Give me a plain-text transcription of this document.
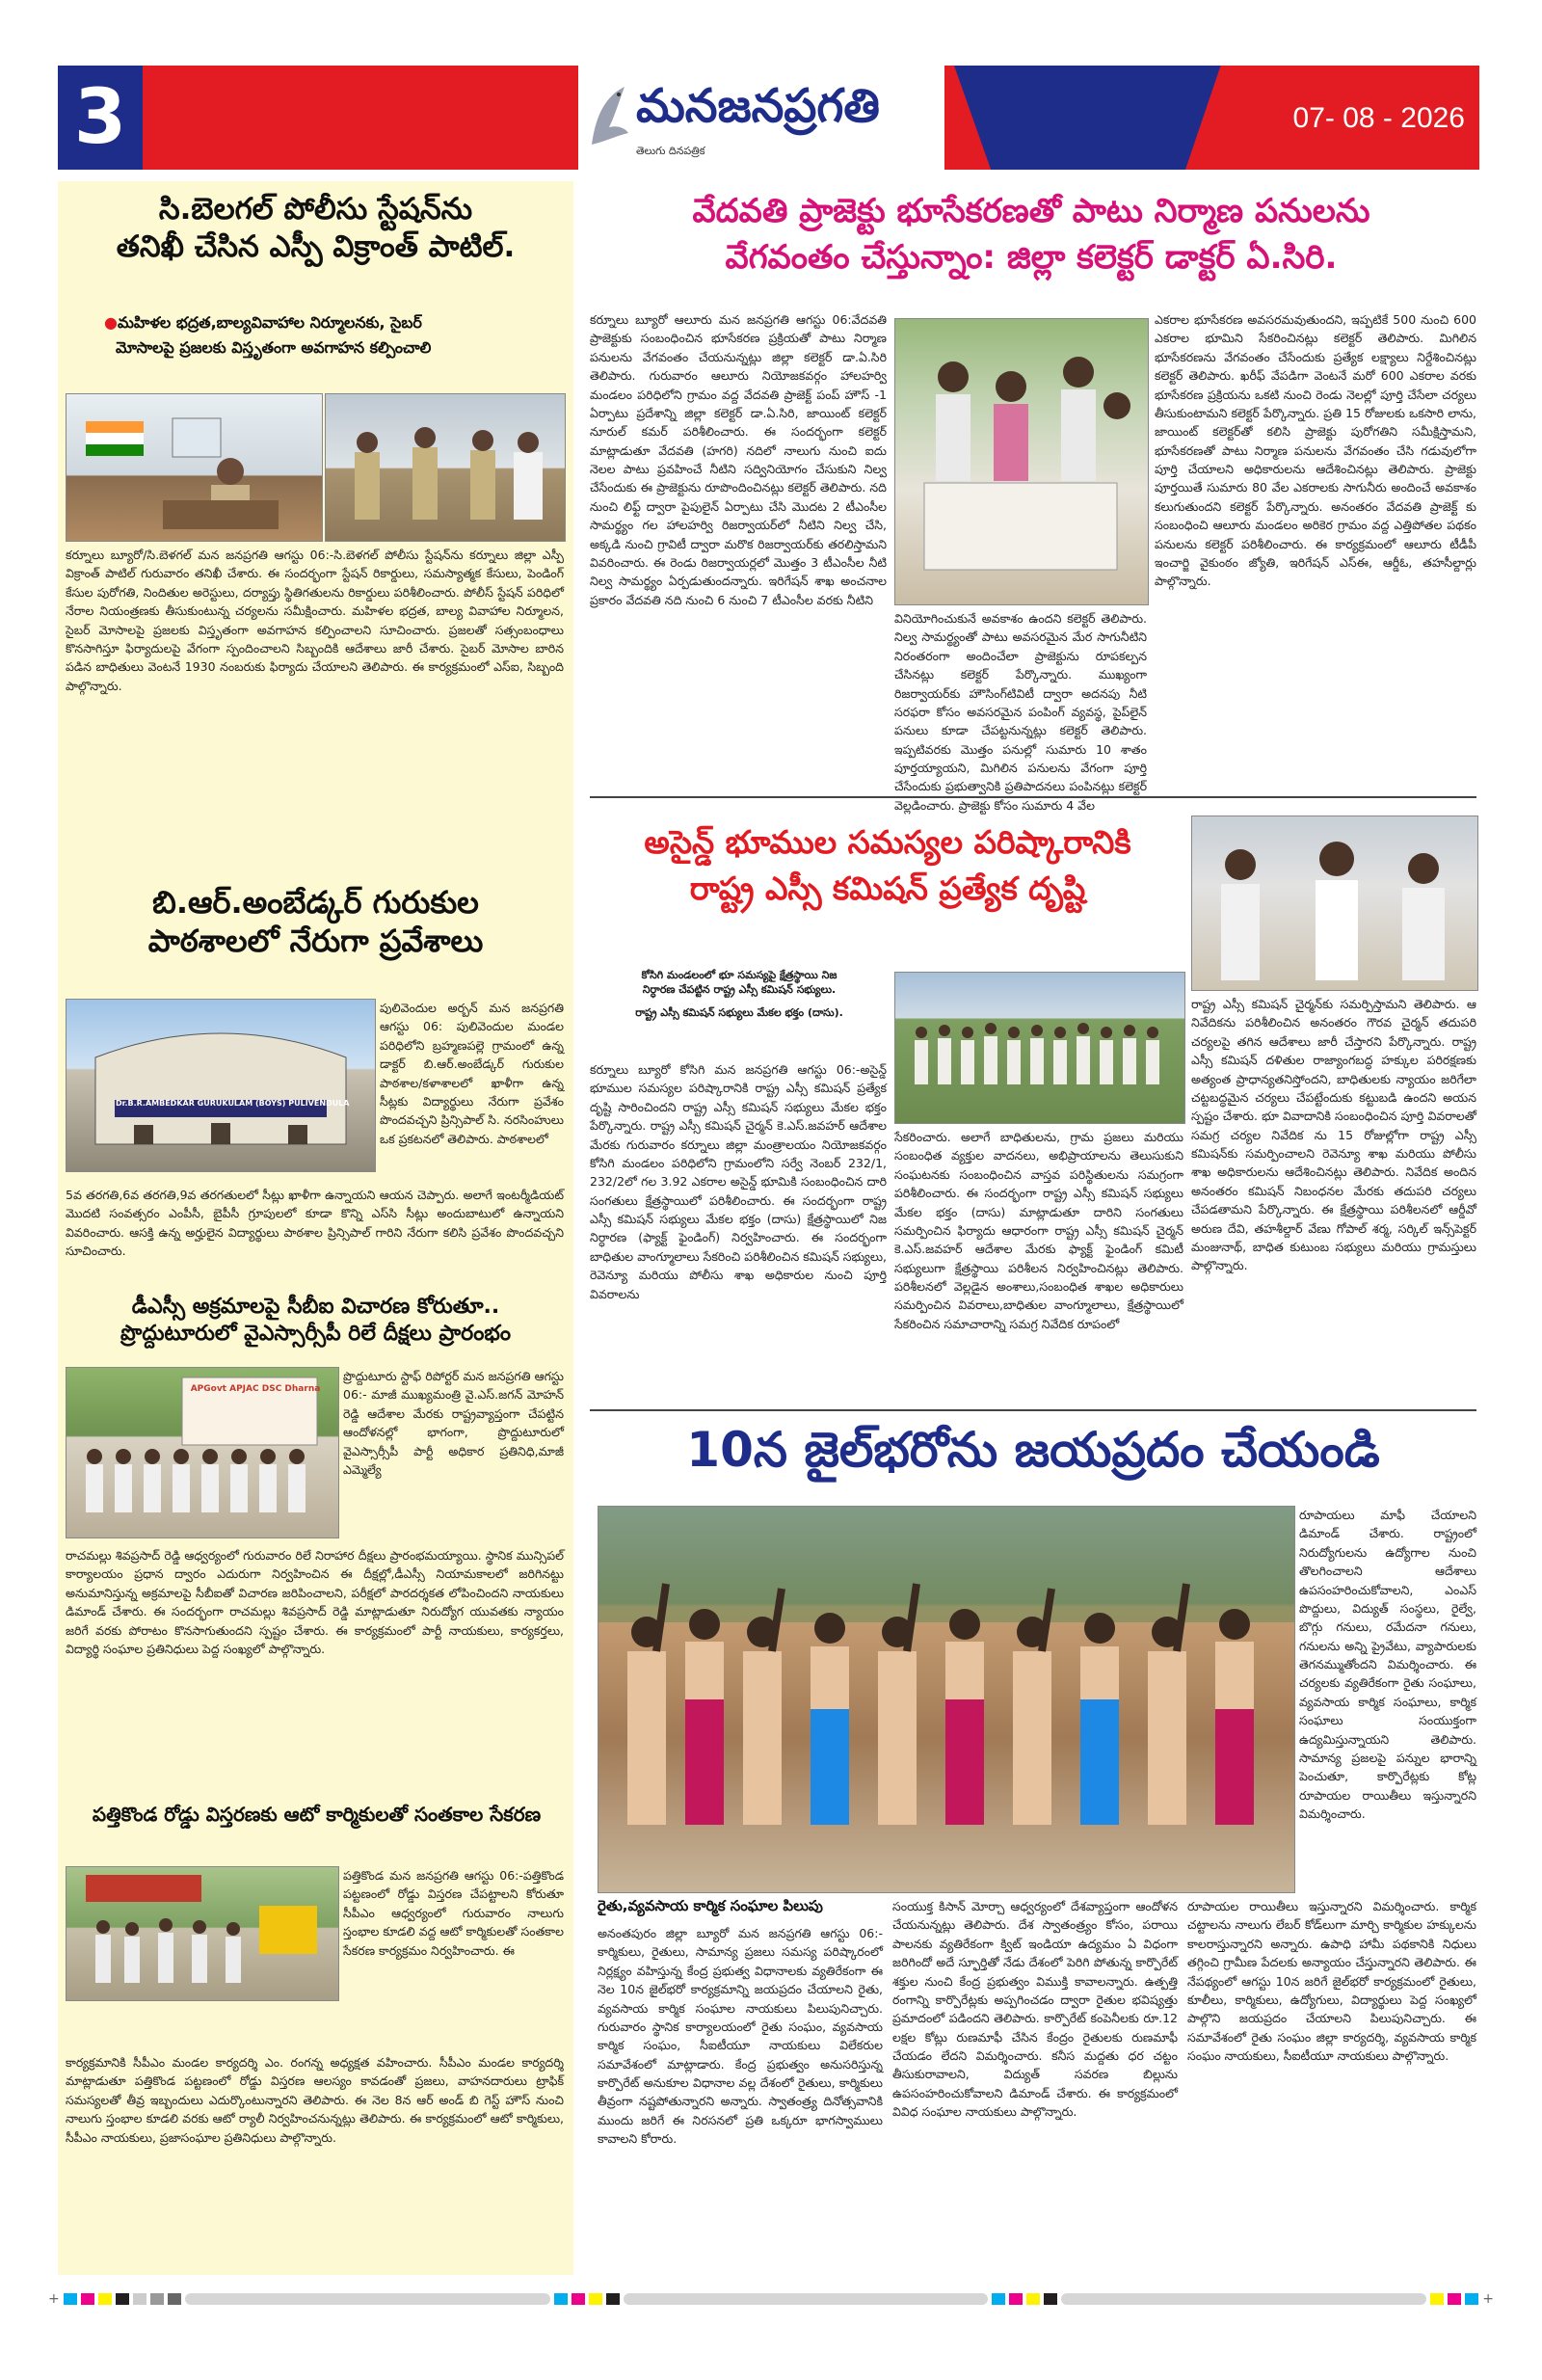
3	మనజనప్రగతి
తెలుగు దినపత్రిక
07- 08 - 2026
సి.బెలగల్ పోలీసు స్టేషన్‌ను
తనిఖీ చేసిన ఎస్పీ విక్రాంత్ పాటిల్.
●మహిళల భద్రత,బాల్యవివాహాల నిర్మూలనకు, సైబర్
మోసాలపై ప్రజలకు విస్తృతంగా అవగాహన కల్పించాలి
కర్నూలు బ్యూరో/సి.బెళగల్ మన జనప్రగతి ఆగస్టు 06:-సి.బెళగల్ పోలీసు స్టేషన్‌ను కర్నూలు జిల్లా ఎస్పీ విక్రాంత్ పాటిల్ గురువారం తనిఖీ చేశారు. ఈ సందర్భంగా స్టేషన్ రికార్డులు, సమస్యాత్మక కేసులు, పెండింగ్ కేసుల పురోగతి, నిందితుల అరెస్టులు, దర్యాప్తు స్థితిగతులను రికార్డులు పరిశీలించారు. పోలీస్ స్టేషన్ పరిధిలో నేరాల నియంత్రణకు తీసుకుంటున్న చర్యలను సమీక్షించారు. మహిళల భద్రత, బాల్య వివాహాల నిర్మూలన, సైబర్ మోసాలపై ప్రజలకు విస్తృతంగా అవగాహన కల్పించాలని సూచించారు. ప్రజలతో సత్సంబంధాలు కొనసాగిస్తూ ఫిర్యాదులపై వేగంగా స్పందించాలని సిబ్బందికి ఆదేశాలు జారీ చేశారు. సైబర్ మోసాల బారిన పడిన బాధితులు వెంటనే 1930 నంబరుకు ఫిర్యాదు చేయాలని తెలిపారు. ఈ కార్యక్రమంలో ఎస్ఐ, సిబ్బంది పాల్గొన్నారు.
బి.ఆర్.అంబేడ్కర్ గురుకుల
పాఠశాలలో నేరుగా ప్రవేశాలు
Dr.B.R.AMBEDKAR GURUKULAM (BOYS) PULIVENDULA
పులివెందుల అర్బన్ మన జనప్రగతి ఆగస్టు 06: పులివెందుల మండల పరిధిలోని బ్రహ్మణపల్లె గ్రామంలో ఉన్న డాక్టర్ బి.ఆర్.అంబేడ్కర్ గురుకుల పాఠశాల/కళాశాలలో ఖాళీగా ఉన్న సీట్లకు విద్యార్థులు నేరుగా ప్రవేశం పొందవచ్చని ప్రిన్సిపాల్ సి. నరసింహులు ఒక ప్రకటనలో తెలిపారు. పాఠశాలలో
5వ తరగతి,6వ తరగతి,9వ తరగతులలో సీట్లు ఖాళీగా ఉన్నాయని ఆయన చెప్పారు. అలాగే ఇంటర్మీడియట్ మొదటి సంవత్సరం ఎంపీసీ, బైపీసీ గ్రూపులలో కూడా కొన్ని ఎస్‌సి సీట్లు అందుబాటులో ఉన్నాయని వివరించారు. ఆసక్తి ఉన్న అర్హులైన విద్యార్థులు పాఠశాల ప్రిన్సిపాల్ గారిని నేరుగా కలిసి ప్రవేశం పొందవచ్చని సూచించారు.
డీఎస్సీ అక్రమాలపై సీబీఐ విచారణ కోరుతూ..
ప్రొద్దుటూరులో వైఎస్సార్సీపీ రిలే దీక్షలు ప్రారంభం
APGovt APJAC DSC Dharna
ప్రొద్దుటూరు స్టాఫ్ రిపోర్టర్ మన జనప్రగతి ఆగస్టు 06:- మాజీ ముఖ్యమంత్రి వై.ఎస్.జగన్ మోహన్ రెడ్డి ఆదేశాల మేరకు రాష్ట్రవ్యాప్తంగా చేపట్టిన ఆందోళనల్లో భాగంగా, ప్రొద్దుటూరులో వైఎస్సార్సీపీ పార్టీ అధికార ప్రతినిధి,మాజీ ఎమ్మెల్యే
రాచమల్లు శివప్రసాద్ రెడ్డి ఆధ్వర్యంలో గురువారం రిలే నిరాహార దీక్షలు ప్రారంభమయ్యాయి. స్థానిక మున్సిపల్ కార్యాలయం ప్రధాన ద్వారం ఎదురుగా నిర్వహించిన ఈ దీక్షల్లో,డీఎస్సీ నియామకాలలో జరిగినట్టు అనుమానిస్తున్న అక్రమాలపై సీబీఐతో విచారణ జరిపించాలని, పరీక్షలో పారదర్శకత లోపించిందని నాయకులు డిమాండ్ చేశారు. ఈ సందర్భంగా రాచమల్లు శివప్రసాద్ రెడ్డి మాట్లాడుతూ నిరుద్యోగ యువతకు న్యాయం జరిగే వరకు పోరాటం కొనసాగుతుందని స్పష్టం చేశారు. ఈ కార్యక్రమంలో పార్టీ నాయకులు, కార్యకర్తలు, విద్యార్థి సంఘాల ప్రతినిధులు పెద్ద సంఖ్యలో పాల్గొన్నారు.
పత్తికొండ రోడ్డు విస్తరణకు ఆటో కార్మికులతో సంతకాల సేకరణ
పత్తికొండ మన జనప్రగతి ఆగస్టు 06:-పత్తికొండ పట్టణంలో రోడ్డు విస్తరణ చేపట్టాలని కోరుతూ సీపీఎం ఆధ్వర్యంలో గురువారం నాలుగు స్తంభాల కూడలి వద్ద ఆటో కార్మికులతో సంతకాల సేకరణ కార్యక్రమం నిర్వహించారు. ఈ
కార్యక్రమానికి సీపీఎం మండల కార్యదర్శి ఎం. రంగన్న అధ్యక్షత వహించారు. సీపీఎం మండల కార్యదర్శి మాట్లాడుతూ పత్తికొండ పట్టణంలో రోడ్డు విస్తరణ ఆలస్యం కావడంతో ప్రజలు, వాహనదారులు ట్రాఫిక్ సమస్యలతో తీవ్ర ఇబ్బందులు ఎదుర్కొంటున్నారని తెలిపారు. ఈ నెల 8న ఆర్ అండ్ బి గెస్ట్ హౌస్ నుంచి నాలుగు స్తంభాల కూడలి వరకు ఆటో ర్యాలీ నిర్వహించనున్నట్లు తెలిపారు. ఈ కార్యక్రమంలో ఆటో కార్మికులు, సీపీఎం నాయకులు, ప్రజాసంఘాల ప్రతినిధులు పాల్గొన్నారు.
వేదవతి ప్రాజెక్టు భూసేకరణతో పాటు నిర్మాణ పనులను
వేగవంతం చేస్తున్నాం: జిల్లా కలెక్టర్ డాక్టర్ ఏ.సిరి.
కర్నూలు బ్యూరో ఆలూరు మన జనప్రగతి ఆగస్టు 06:వేదవతి ప్రాజెక్టుకు సంబంధించిన భూసేకరణ ప్రక్రియతో పాటు నిర్మాణ పనులను వేగవంతం చేయనున్నట్లు జిల్లా కలెక్టర్ డా.ఏ.సిరి తెలిపారు. గురువారం ఆలూరు నియోజకవర్గం హాలహర్వి మండలం పరిధిలోని గ్రామం వద్ద వేదవతి ప్రాజెక్ట్ పంప్ హౌస్ -1 ఏర్పాటు ప్రదేశాన్ని జిల్లా కలెక్టర్ డా.ఏ.సిరి, జాయింట్ కలెక్టర్ నూరుల్ కమర్ పరిశీలించారు. ఈ సందర్భంగా కలెక్టర్ మాట్లాడుతూ వేదవతి (హగరి) నదిలో నాలుగు నుంచి ఐదు నెలల పాటు ప్రవహించే నీటిని సద్వినియోగం చేసుకుని నిల్వ చేసేందుకు ఈ ప్రాజెక్టును రూపొందించినట్లు కలెక్టర్ తెలిపారు. నది నుంచి లిఫ్ట్ ద్వారా పైపులైన్ ఏర్పాటు చేసి మొదట 2 టీఎంసీల సామర్థ్యం గల హాలహర్వి రిజర్వాయర్‌లో నీటిని నిల్వ చేసి, అక్కడి నుంచి గ్రావిటీ ద్వారా మరొక రిజర్వాయర్‌కు తరలిస్తామని వివరించారు. ఈ రెండు రిజర్వాయర్లలో మొత్తం 3 టీఎంసీల నీటి నిల్వ సామర్థ్యం ఏర్పడుతుందన్నారు. ఇరిగేషన్ శాఖ అంచనాల ప్రకారం వేదవతి నది నుంచి 6 నుంచి 7 టీఎంసీల వరకు నీటిని
వినియోగించుకునే అవకాశం ఉందని కలెక్టర్ తెలిపారు. నిల్వ సామర్థ్యంతో పాటు అవసరమైన మేర సాగునీటిని నిరంతరంగా అందించేలా ప్రాజెక్టును రూపకల్పన చేసినట్లు కలెక్టర్ పేర్కొన్నారు. ముఖ్యంగా రిజర్వాయర్‌కు హౌసింగ్‌టివిటీ ద్వారా అదనపు నీటి సరఫరా కోసం అవసరమైన పంపింగ్ వ్యవస్థ, పైప్‌లైన్ పనులు కూడా చేపట్టనున్నట్లు కలెక్టర్ తెలిపారు. ఇప్పటివరకు మొత్తం పనుల్లో సుమారు 10 శాతం పూర్తయ్యాయని, మిగిలిన పనులను వేగంగా పూర్తి చేసేందుకు ప్రభుత్వానికి ప్రతిపాదనలు పంపినట్లు కలెక్టర్ వెల్లడించారు. ప్రాజెక్టు కోసం సుమారు 4 వేల
ఎకరాల భూసేకరణ అవసరమవుతుందని, ఇప్పటికే 500 నుంచి 600 ఎకరాల భూమిని సేకరించినట్లు కలెక్టర్ తెలిపారు. మిగిలిన భూసేకరణను వేగవంతం చేసేందుకు ప్రత్యేక లక్ష్యాలు నిర్దేశించినట్లు కలెక్టర్ తెలిపారు. ఖరీఫ్ వేపడిగా వెంటనే మరో 600 ఎకరాల వరకు భూసేకరణ ప్రక్రియను ఒకటి నుంచి రెండు నెలల్లో పూర్తి చేసేలా చర్యలు తీసుకుంటామని కలెక్టర్ పేర్కొన్నారు. ప్రతి 15 రోజులకు ఒకసారి లాను, జాయింట్ కలెక్టర్‌తో కలిసి ప్రాజెక్టు పురోగతిని సమీక్షిస్తామని, భూసేకరణతో పాటు నిర్మాణ పనులను వేగవంతం చేసి గడువులోగా పూర్తి చేయాలని అధికారులను ఆదేశించినట్లు తెలిపారు. ప్రాజెక్టు పూర్తయితే సుమారు 80 వేల ఎకరాలకు సాగునీరు అందించే అవకాశం కలుగుతుందని కలెక్టర్ పేర్కొన్నారు. అనంతరం వేదవతి ప్రాజెక్ట్ కు సంబంధించి ఆలూరు మండలం అరికెర గ్రామం వద్ద ఎత్తిపోతల పథకం పనులను కలెక్టర్ పరిశీలించారు. ఈ కార్యక్రమంలో ఆలూరు టీడీపీ ఇంచార్జి వైకుంఠం జ్యోతి, ఇరిగేషన్ ఎస్ఈ, ఆర్డీఓ, తహసీల్దార్లు పాల్గొన్నారు.
అసైన్డ్ భూముల సమస్యల పరిష్కారానికి
రాష్ట్ర ఎస్సీ కమిషన్ ప్రత్యేక దృష్టి
కోసిగి మండలంలో భూ సమస్యపై క్షేత్రస్థాయి నిజ
నిర్ధారణ చేపట్టిన రాష్ట్ర ఎస్సీ కమిషన్ సభ్యులు.
రాష్ట్ర ఎస్సీ కమిషన్ సభ్యులు మేకల భక్తం (దాసు).
కర్నూలు బ్యూరో కోసిగి మన జనప్రగతి ఆగస్టు 06:-అసైన్డ్ భూముల సమస్యల పరిష్కారానికి రాష్ట్ర ఎస్సీ కమిషన్ ప్రత్యేక దృష్టి సారించిందని రాష్ట్ర ఎస్సీ కమిషన్ సభ్యులు మేకల భక్తం పేర్కొన్నారు. రాష్ట్ర ఎస్సీ కమిషన్ చైర్మన్ కె.ఎస్.జవహర్ ఆదేశాల మేరకు గురువారం కర్నూలు జిల్లా మంత్రాలయం నియోజకవర్గం కోసిగి మండలం పరిధిలోని గ్రామంలోని సర్వే నెంబర్ 232/1, 232/2లో గల 3.92 ఎకరాల అసైన్డ్ భూమికి సంబంధించిన దారి సంగతులు క్షేత్రస్థాయిలో పరిశీలించారు. ఈ సందర్భంగా రాష్ట్ర ఎస్సీ కమిషన్ సభ్యులు మేకల భక్తం (దాసు) క్షేత్రస్థాయిలో నిజ నిర్ధారణ (ఫ్యాక్ట్ ఫైండింగ్) నిర్వహించారు. ఈ సందర్భంగా బాధితుల వాంగ్మూలాలు సేకరించి పరిశీలించిన కమిషన్ సభ్యులు, రెవెన్యూ మరియు పోలీసు శాఖ అధికారుల నుంచి పూర్తి వివరాలను
సేకరించారు. అలాగే బాధితులను, గ్రామ ప్రజలు మరియు సంబంధిత వ్యక్తుల వాదనలు, అభిప్రాయాలను తెలుసుకుని సంఘటనకు సంబంధించిన వాస్తవ పరిస్థితులను సమగ్రంగా పరిశీలించారు. ఈ సందర్భంగా రాష్ట్ర ఎస్సీ కమిషన్ సభ్యులు మేకల భక్తం (దాసు) మాట్లాడుతూ దారిని సంగతులు సమర్పించిన ఫిర్యాదు ఆధారంగా రాష్ట్ర ఎస్సీ కమిషన్ చైర్మన్ కె.ఎస్.జవహర్ ఆదేశాల మేరకు ఫ్యాక్ట్ ఫైండింగ్ కమిటీ సభ్యులుగా క్షేత్రస్థాయి పరిశీలన నిర్వహించినట్లు తెలిపారు. పరిశీలనలో వెల్లడైన అంశాలు,సంబంధిత శాఖల అధికారులు సమర్పించిన వివరాలు,బాధితుల వాంగ్మూలాలు, క్షేత్రస్థాయిలో సేకరించిన సమాచారాన్ని సమగ్ర నివేదిక రూపంలో
రాష్ట్ర ఎస్సీ కమిషన్ చైర్మన్‌కు సమర్పిస్తామని తెలిపారు. ఆ నివేదికను పరిశీలించిన అనంతరం గౌరవ చైర్మన్ తదుపరి చర్యలపై తగిన ఆదేశాలు జారీ చేస్తారని పేర్కొన్నారు. రాష్ట్ర ఎస్సీ కమిషన్ దళితుల రాజ్యాంగబద్ధ హక్కుల పరిరక్షణకు అత్యంత ప్రాధాన్యతనిస్తోందని, బాధితులకు న్యాయం జరిగేలా చట్టబద్ధమైన చర్యలు చేపట్టేందుకు కట్టుబడి ఉందని అయన స్పష్టం చేశారు. భూ వివాదానికి సంబంధించిన పూర్తి వివరాలతో సమగ్ర చర్యల నివేదిక ను 15 రోజుల్లోగా రాష్ట్ర ఎస్సీ కమిషన్‌కు సమర్పించాలని రెవెన్యూ శాఖ మరియు పోలీసు శాఖ అధికారులను ఆదేశించినట్లు తెలిపారు. నివేదిక అందిన అనంతరం కమిషన్ నిబంధనల మేరకు తదుపరి చర్యలు చేపడతామని పేర్కొన్నారు. ఈ క్షేత్రస్థాయి పరిశీలనలో ఆర్డీవో అరుణ దేవి, తహశీల్దార్ వేణు గోపాల్ శర్మ, సర్కిల్ ఇన్స్‌పెక్టర్ మంజునాథ్, బాధిత కుటుంబ సభ్యులు మరియు గ్రామస్తులు పాల్గొన్నారు.
10న జైల్‌భరోను జయప్రదం చేయండి
రూపాయలు మాఫీ చేయాలని డిమాండ్ చేశారు. రాష్ట్రంలో నిరుద్యోగులను ఉద్యోగాల నుంచి తొలగించాలని ఆదేశాలు ఉపసంహరించుకోవాలని, ఎంఎస్ పొద్దులు, విద్యుత్ సంస్థలు, రైల్వే, బొగ్గు గనులు, రమేదనా గనులు, గనులను అన్ని ప్రైవేటు, వ్యాపారులకు తెగనమ్ముతోందని విమర్శించారు. ఈ చర్యలకు వ్యతిరేకంగా రైతు సంఘాలు, వ్యవసాయ కార్మిక సంఘాలు, కార్మిక సంఘాలు సంయుక్తంగా ఉద్యమిస్తున్నాయని తెలిపారు. సామాన్య ప్రజలపై పన్నుల భారాన్ని పెంచుతూ, కార్పొరేట్లకు కోట్ల రూపాయల రాయితీలు ఇస్తున్నారని విమర్శించారు.
రైతు,వ్యవసాయ కార్మిక సంఘాల పిలుపు
అనంతపురం జిల్లా బ్యూరో మన జనప్రగతి ఆగస్టు 06:-కార్మికులు, రైతులు, సామాన్య ప్రజలు సమస్య పరిష్కారంలో నిర్లక్ష్యం వహిస్తున్న కేంద్ర ప్రభుత్వ విధానాలకు వ్యతిరేకంగా ఈ నెల 10న జైల్‌భరో కార్యక్రమాన్ని జయప్రదం చేయాలని రైతు, వ్యవసాయ కార్మిక సంఘాల నాయకులు పిలుపునిచ్చారు. గురువారం స్థానిక కార్యాలయంలో రైతు సంఘం, వ్యవసాయ కార్మిక సంఘం, సీఐటీయూ నాయకులు విలేకరుల సమావేశంలో మాట్లాడారు. కేంద్ర ప్రభుత్వం అనుసరిస్తున్న కార్పొరేట్ అనుకూల విధానాల వల్ల దేశంలో రైతులు, కార్మికులు తీవ్రంగా నష్టపోతున్నారని అన్నారు. స్వాతంత్ర్య దినోత్సవానికి ముందు జరిగే ఈ నిరసనలో ప్రతి ఒక్కరూ భాగస్వాములు కావాలని కోరారు.
సంయుక్త కిసాన్ మోర్చా ఆధ్వర్యంలో దేశవ్యాప్తంగా ఆందోళన చేయనున్నట్లు తెలిపారు. దేశ స్వాతంత్ర్యం కోసం, పరాయి పాలనకు వ్యతిరేకంగా క్విట్ ఇండియా ఉద్యమం ఏ విధంగా జరిగిందో అదే స్ఫూర్తితో నేడు దేశంలో పెరిగి పోతున్న కార్పొరేట్ శక్తుల నుంచి కేంద్ర ప్రభుత్వం విముక్తి కావాలన్నారు. ఉత్పత్తి రంగాన్ని కార్పొరేట్లకు అప్పగించడం ద్వారా రైతుల భవిష్యత్తు ప్రమాదంలో పడిందని తెలిపారు. కార్పొరేట్ కంపెనీలకు రూ.12 లక్షల కోట్లు రుణమాఫీ చేసిన కేంద్రం రైతులకు రుణమాఫీ చేయడం లేదని విమర్శించారు. కనీస మద్దతు ధర చట్టం తీసుకురావాలని, విద్యుత్ సవరణ బిల్లును ఉపసంహరించుకోవాలని డిమాండ్ చేశారు. ఈ కార్యక్రమంలో వివిధ సంఘాల నాయకులు పాల్గొన్నారు.
రూపాయల రాయితీలు ఇస్తున్నారని విమర్శించారు. కార్మిక చట్టాలను నాలుగు లేబర్ కోడ్‌లుగా మార్చి కార్మికుల హక్కులను కాలరాస్తున్నారని అన్నారు. ఉపాధి హామీ పథకానికి నిధులు తగ్గించి గ్రామీణ పేదలకు అన్యాయం చేస్తున్నారని తెలిపారు. ఈ నేపథ్యంలో ఆగస్టు 10న జరిగే జైల్‌భరో కార్యక్రమంలో రైతులు, కూలీలు, కార్మికులు, ఉద్యోగులు, విద్యార్థులు పెద్ద సంఖ్యలో పాల్గొని జయప్రదం చేయాలని పిలుపునిచ్చారు. ఈ సమావేశంలో రైతు సంఘం జిల్లా కార్యదర్శి, వ్యవసాయ కార్మిక సంఘం నాయకులు, సీఐటీయూ నాయకులు పాల్గొన్నారు.
+	+
